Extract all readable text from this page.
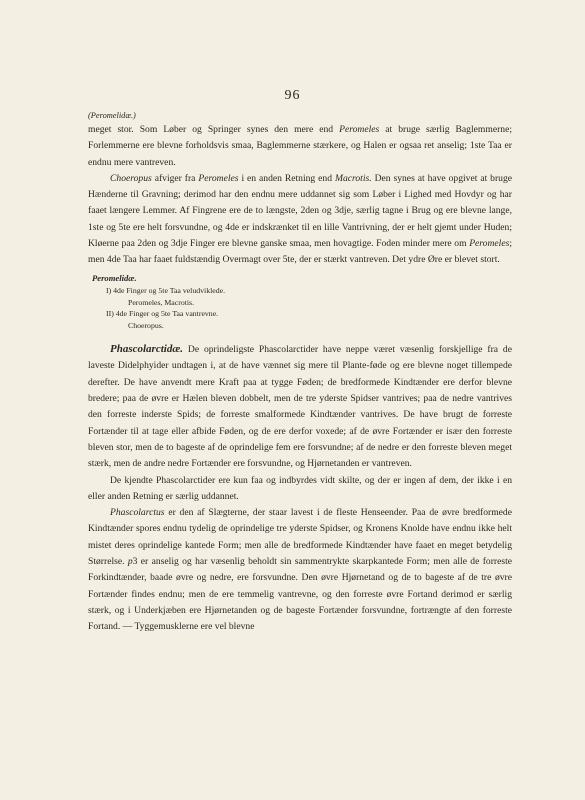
96

(Peromelidæ.)

meget stor. Som Løber og Springer synes den mere end Peromeles at bruge særlig Baglemmerne; Forlemmerne ere blevne forholdsvis smaa, Baglemmerne stærkere, og Halen er ogsaa ret anselig; 1ste Taa er endnu mere vantreven.

Choeropus afviger fra Peromeles i en anden Retning end Macrotis. Den synes at have opgivet at bruge Hænderne til Gravning; derimod har den endnu mere uddannet sig som Løber i Lighed med Hovdyr og har faaet længere Lemmer. Af Fingrene ere de to længste, 2den og 3dje, særlig tagne i Brug og ere blevne lange, 1ste og 5te ere helt forsvundne, og 4de er indskrænket til en lille Vantrivning, der er helt gjemt under Huden; Kløerne paa 2den og 3dje Finger ere blevne ganske smaa, men hovagtige. Foden minder mere om Peromeles; men 4de Taa har faaet fuldstændig Overmagt over 5te, der er stærkt vantreven. Det ydre Øre er blevet stort.

Peromelidæ.

I) 4de Finger og 5te Taa veludviklede.

Peromeles, Macrotis.

II) 4de Finger og 5te Taa vantrevne.

Choeropus.

Phascolarctidæ. De oprindeligste Phascolarctider have neppe været væsenlig forskjellige fra de laveste Didelphyider undtagen i, at de have vænnet sig mere til Plante-føde og ere blevne noget tillempede derefter. De have anvendt mere Kraft paa at tygge Føden; de bredformede Kindtænder ere derfor blevne bredere; paa de øvre er Hælen bleven dobbelt, men de tre yderste Spidser vantrives; paa de nedre vantrives den forreste inderste Spids; de forreste smalformede Kindtænder vantrives. De have brugt de forreste Fortænder til at tage eller afbide Føden, og de ere derfor voxede; af de øvre Fortænder er især den forreste bleven stor, men de to bageste af de oprindelige fem ere forsvundne; af de nedre er den forreste bleven meget stærk, men de andre nedre Fortænder ere forsvundne, og Hjørnetanden er vantreven.

De kjendte Phascolarctider ere kun faa og indbyrdes vidt skilte, og der er ingen af dem, der ikke i en eller anden Retning er særlig uddannet.

Phascolarctus er den af Slægterne, der staar lavest i de fleste Henseender. Paa de øvre bredformede Kindtænder spores endnu tydelig de oprindelige tre yderste Spidser, og Kronens Knolde have endnu ikke helt mistet deres oprindelige kantede Form; men alle de bredformede Kindtænder have faaet en meget betydelig Størrelse. p3 er anselig og har væsenlig beholdt sin sammentrykte skarpkantede Form; men alle de forreste Forkindtænder, baade øvre og nedre, ere forsvundne. Den øvre Hjørnetand og de to bageste af de tre øvre Fortænder findes endnu; men de ere temmelig vantrevne, og den forreste øvre Fortand derimod er særlig stærk, og i Underkjæben ere Hjørnetanden og de bageste Fortænder forsvundne, fortrængte af den forreste Fortand. — Tyggemusklerne ere vel blevne
